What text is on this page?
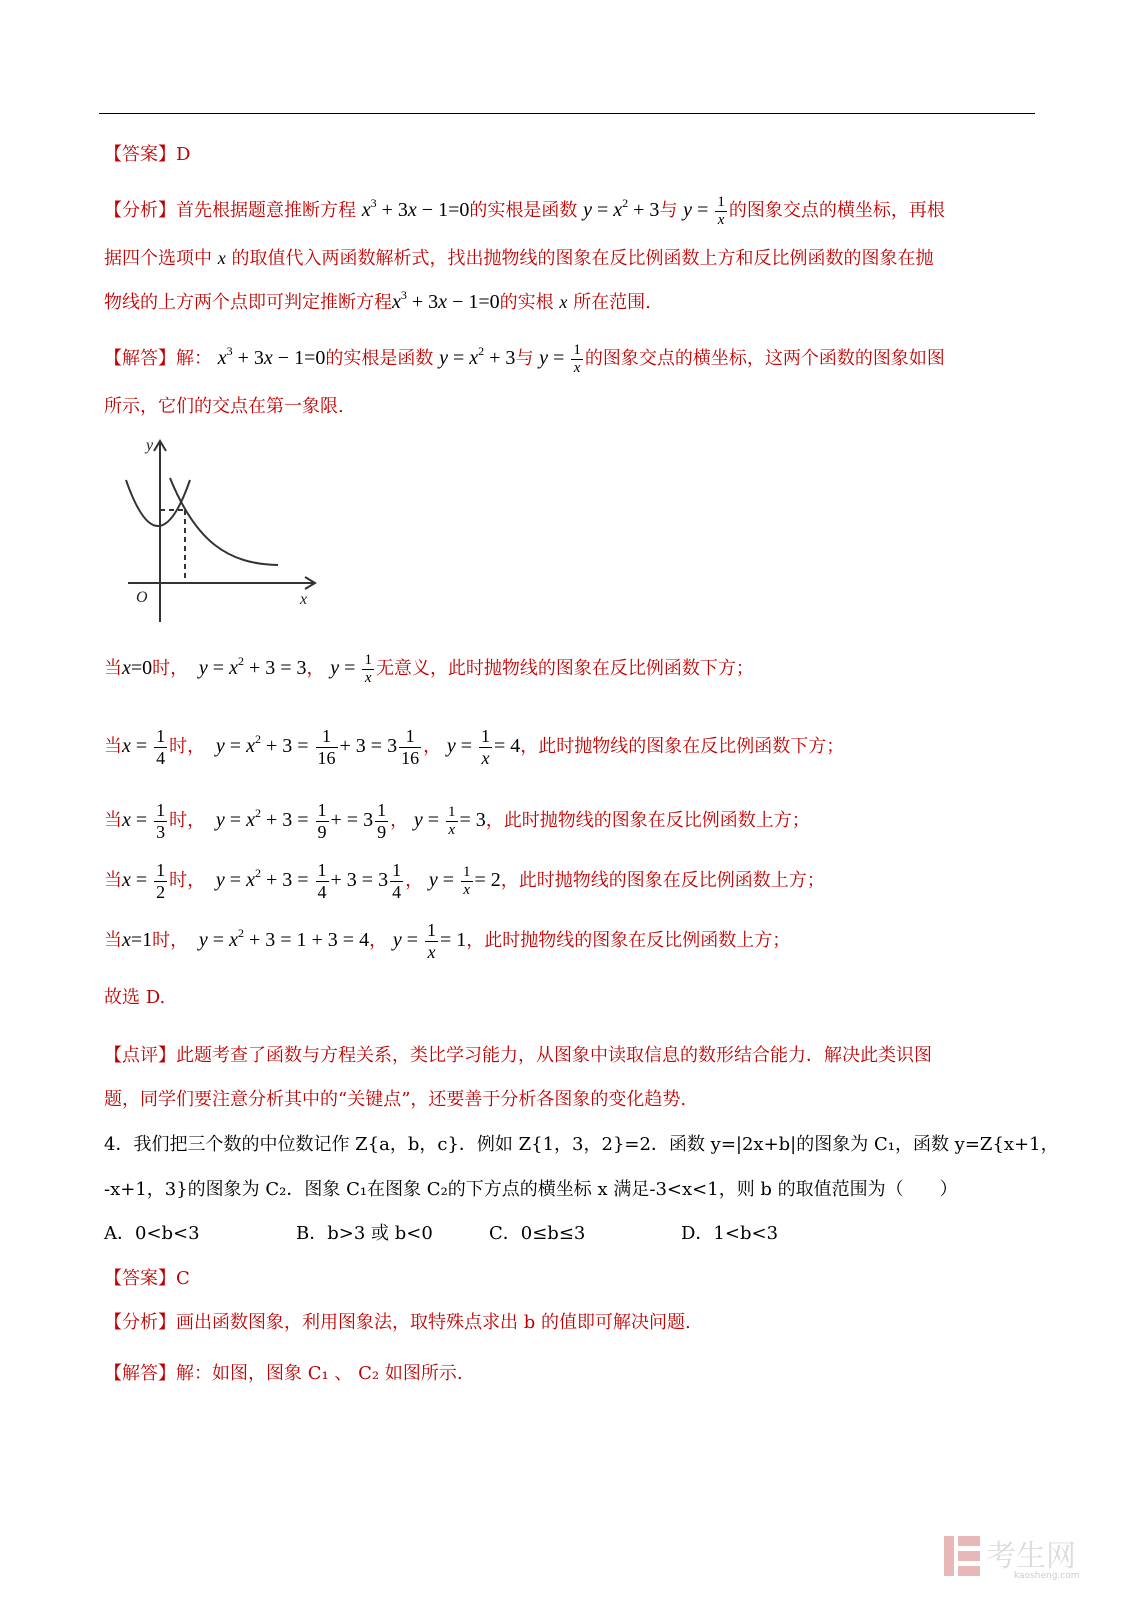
【答案】D
【分析】首先根据题意推断方程 $x^3 + 3x - 1=0$的实根是函数 $y = x^2 + 3$与 $y = \frac{1}{x}$ 的图象交点的横坐标，再根
据四个选项中 x 的取值代入两函数解析式，找出抛物线的图象在反比例函数上方和反比例函数的图象在抛
物线的上方两个点即可判定推断方程$x^3 + 3x - 1=0$的实根 x 所在范围.
【解答】解： $x^3 + 3x - 1=0$的实根是函数 $y = x^2 + 3$与 $y = \frac{1}{x}$ 的图象交点的横坐标，这两个函数的图象如图
所示，它们的交点在第一象限.
y
x
O
当x=0时， $y = x^2 + 3 = 3$， $y = \frac{1}{x}$ 无意义，此时抛物线的图象在反比例函数下方；
当$x = \frac{1}{4}$ 时， $y = x^2 + 3 = \frac{1}{16} + 3 = 3 \frac{1}{16}$ ， $y = \frac{1}{x} = 4$，此时抛物线的图象在反比例函数下方；
当$x = \frac{1}{3}$ 时， $y = x^2 + 3 = \frac{1}{9}$ + = $3 \frac{1}{9}$ ， $y = \frac{1}{x} = 3$，此时抛物线的图象在反比例函数上方；
当$x = \frac{1}{2}$ 时， $y = x^2 + 3 = \frac{1}{4} + 3 = 3 \frac{1}{4}$ ， $y = \frac{1}{x} = 2$，此时抛物线的图象在反比例函数上方；
当x=1时， $y = x^2 + 3 = 1 + 3 = 4$， $y = \frac{1}{x} = 1$，此时抛物线的图象在反比例函数上方；
故选 D.
【点评】此题考查了函数与方程关系，类比学习能力，从图象中读取信息的数形结合能力．解决此类识图
题，同学们要注意分析其中的“关键点”，还要善于分析各图象的变化趋势.
4．我们把三个数的中位数记作 Z{a，b，c}．例如 Z{1，3，2}=2．函数 y=|2x+b|的图象为 C₁，函数 y=Z{x+1，
-x+1，3}的图象为 C₂．图象 C₁在图象 C₂的下方点的横坐标 x 满足-3<x<1，则 b 的取值范围为（　　）
A．0<b<3	B．b>3 或 b<0	C．0≤b≤3	D．1<b<3
【答案】C
【分析】画出函数图象，利用图象法，取特殊点求出 b 的值即可解决问题.
【解答】解：如图，图象 C₁ 、 C₂ 如图所示.
考生网
kaosheng.com
